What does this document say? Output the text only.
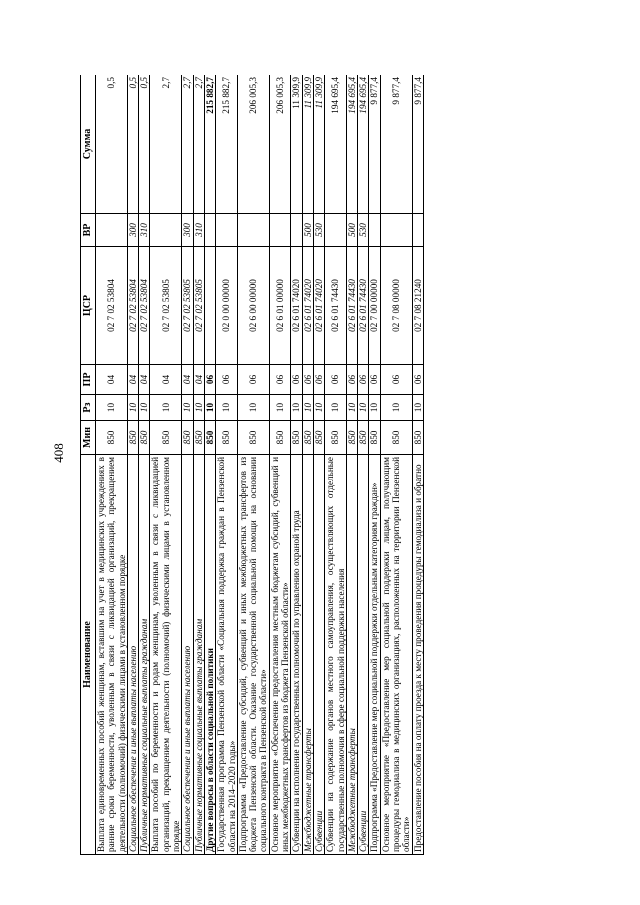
408
Наименование	Мин	Рз	ПР	ЦСР	ВР	Сумма
Выплата единовременных пособий женщинам, вставшим на учет в медицинских учреждениях в ранние сроки беременности, уволенным в связи с ликвидацией организаций, прекращением деятельности (полномочий) физическими лицами в установленном порядке	850	10	04	02 7 02 53804		0,5
Социальное обеспечение и иные выплаты населению	850	10	04	02 7 02 53804	300	0,5
Публичные нормативные социальные выплаты гражданам	850	10	04	02 7 02 53804	310	0,5
Выплата пособий по беременности и родам женщинам, уволенным в связи с ликвидацией организаций, прекращением деятельности (полномочий) физическими лицами в установленном порядке	850	10	04	02 7 02 53805		2,7
Социальное обеспечение и иные выплаты населению	850	10	04	02 7 02 53805	300	2,7
Публичные нормативные социальные выплаты гражданам	850	10	04	02 7 02 53805	310	2,7
Другие вопросы в области социальной политики	850	10	06			215 882,7
Государственная программа Пензенской области «Социальная поддержка граждан в Пензенской области на 2014–2020 годы»	850	10	06	02 0 00 00000		215 882,7
Подпрограмма «Предоставление субсидий, субвенций и иных межбюджетных трансфертов из бюджета Пензенской области. Оказание государственной социальной помощи на основании социального контракта в Пензенской области»	850	10	06	02 6 00 00000		206 005,3
Основное мероприятие «Обеспечение предоставления местным бюджетам субсидий, субвенций и иных межбюджетных трансфертов из бюджета Пензенской области»	850	10	06	02 6 01 00000		206 005,3
Субвенции на исполнение государственных полномочий по управлению охраной труда	850	10	06	02 6 01 74020		11 309,9
Межбюджетные трансферты	850	10	06	02 6 01 74020	500	11 309,9
Субвенции	850	10	06	02 6 01 74020	530	11 309,9
Субвенции на содержание органов местного самоуправления, осуществляющих отдельные государственные полномочия в сфере социальной поддержки населения	850	10	06	02 6 01 74430		194 695,4
Межбюджетные трансферты	850	10	06	02 6 01 74430	500	194 695,4
Субвенции	850	10	06	02 6 01 74430	530	194 695,4
Подпрограмма «Предоставление мер социальной поддержки отдельным категориям граждан»	850	10	06	02 7 00 00000		9 877,4
Основное мероприятие «Предоставление мер социальной поддержки лицам, получающим процедуры гемодиализа в медицинских организациях, расположенных на территории Пензенской области»	850	10	06	02 7 08 00000		9 877,4
Предоставление пособия на оплату проезда к месту проведения процедуры гемодиализа и обратно	850	10	06	02 7 08 21240		9 877,4
